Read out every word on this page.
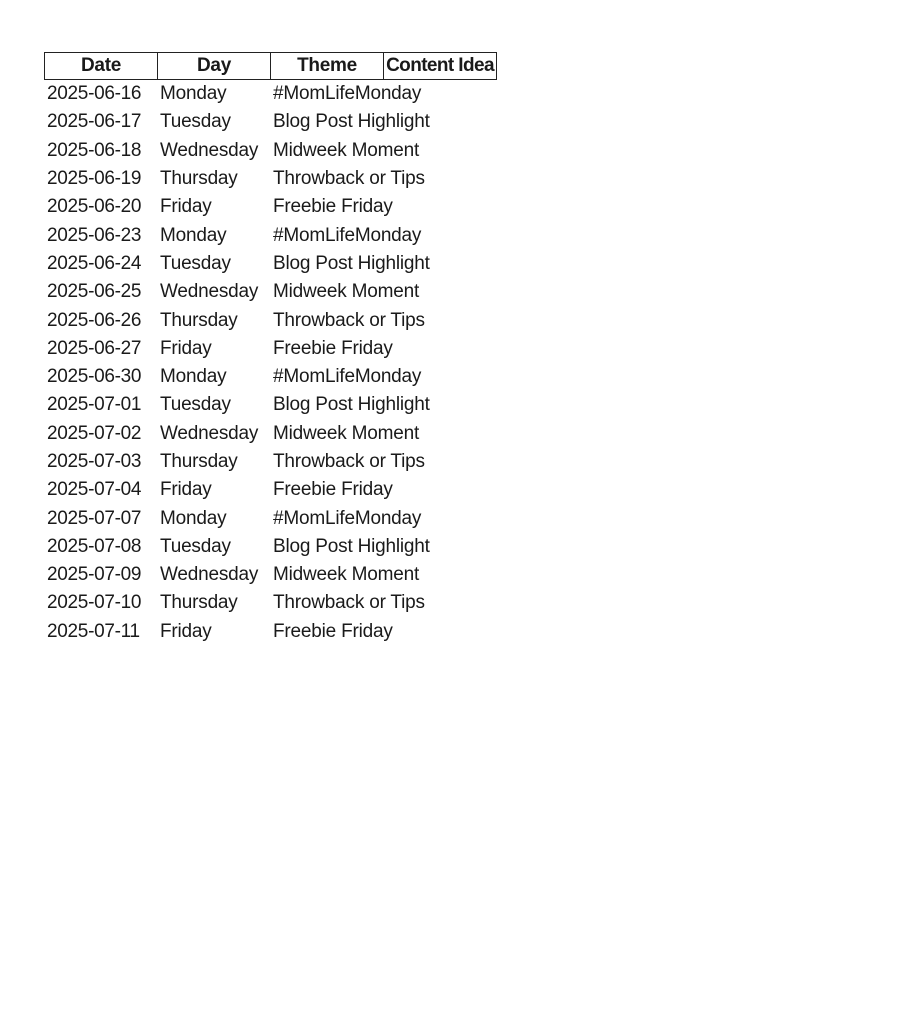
Date	Day	Theme	Content Idea
2025-06-16 Monday	#MomLifeMonday
2025-06-17 Tuesday	Blog Post Highlight
2025-06-18 Wednesday Midweek Moment
2025-06-19 Thursday	Throwback or Tips
2025-06-20 Friday	Freebie Friday
2025-06-23 Monday	#MomLifeMonday
2025-06-24 Tuesday	Blog Post Highlight
2025-06-25 Wednesday Midweek Moment
2025-06-26 Thursday	Throwback or Tips
2025-06-27 Friday	Freebie Friday
2025-06-30 Monday	#MomLifeMonday
2025-07-01 Tuesday	Blog Post Highlight
2025-07-02 Wednesday Midweek Moment
2025-07-03 Thursday	Throwback or Tips
2025-07-04 Friday	Freebie Friday
2025-07-07 Monday	#MomLifeMonday
2025-07-08 Tuesday	Blog Post Highlight
2025-07-09 Wednesday Midweek Moment
2025-07-10 Thursday	Throwback or Tips
2025-07-11	Friday	Freebie Friday
